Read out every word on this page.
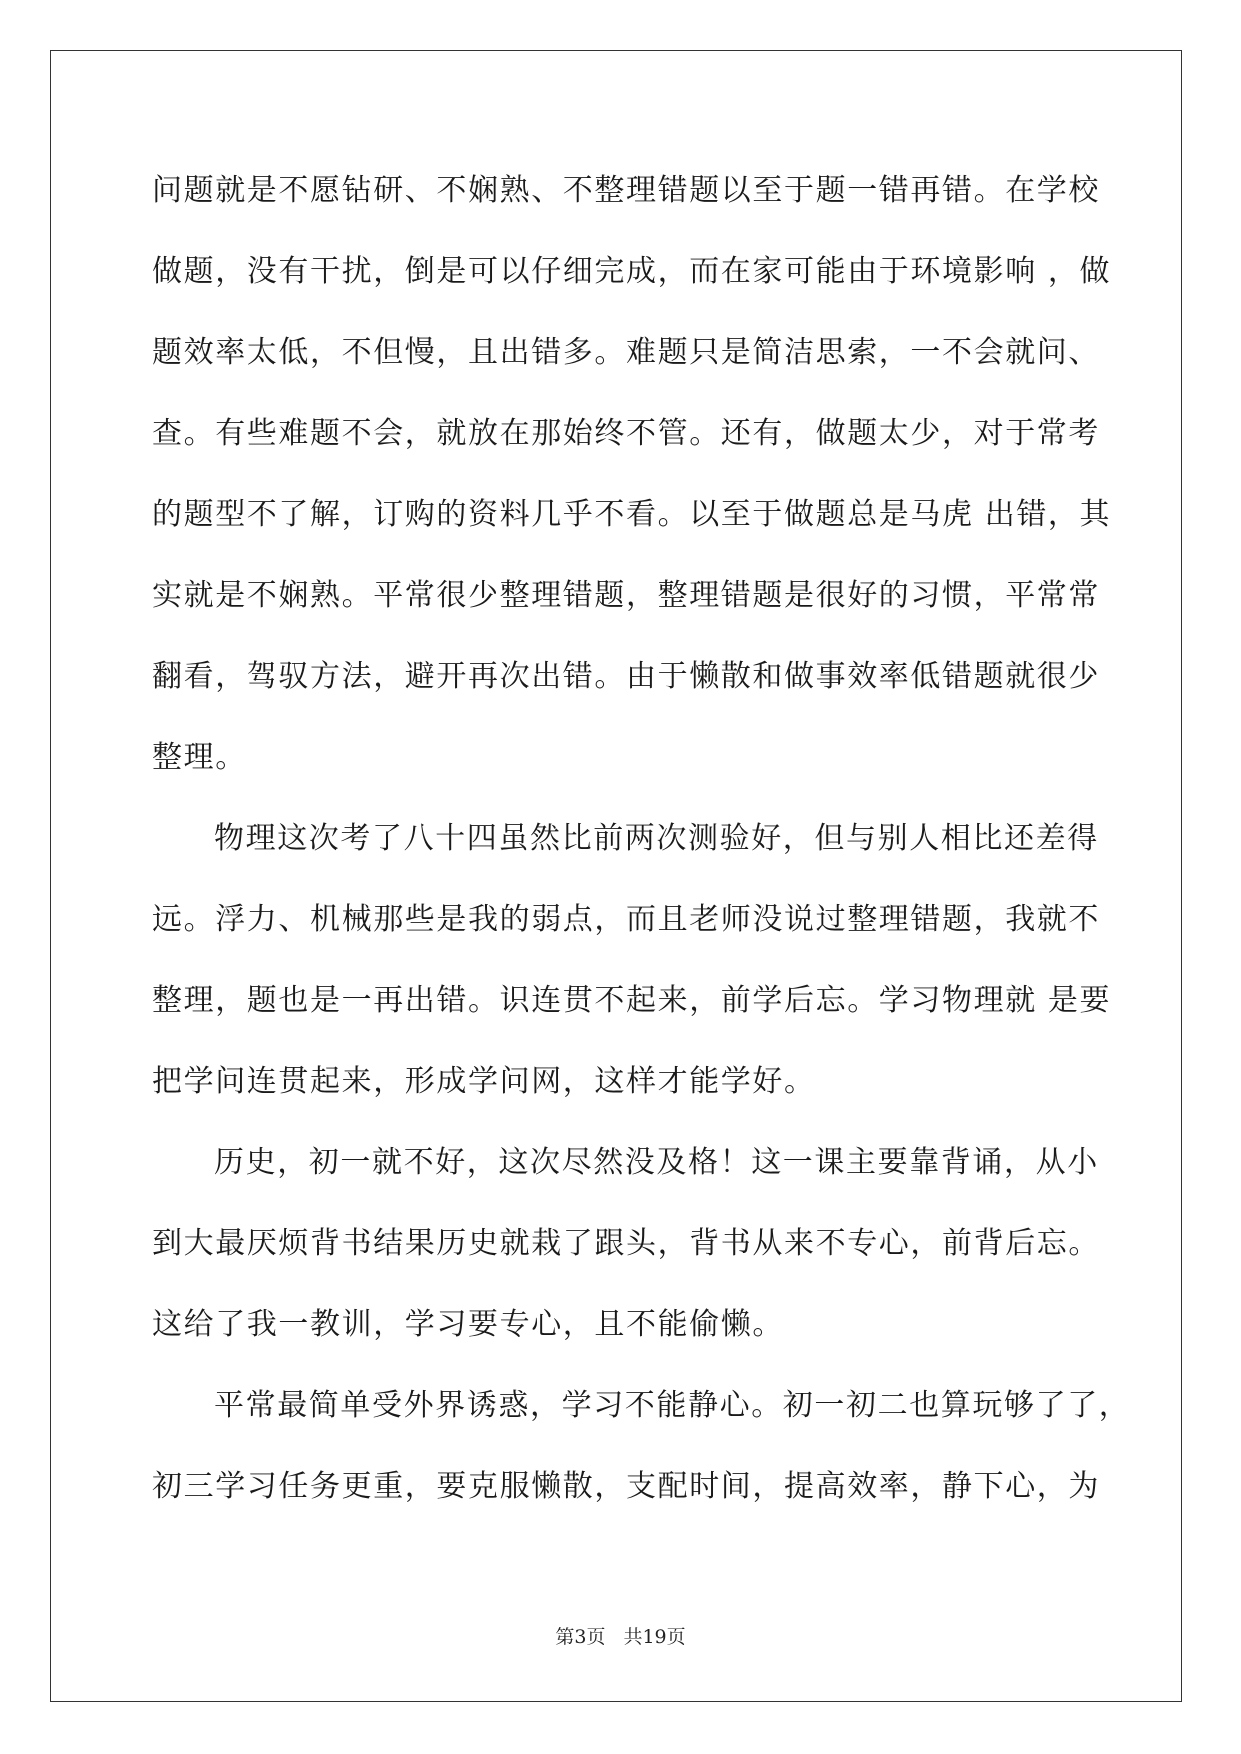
问题就是不愿钻研、不娴熟、不整理错题以至于题一错再错。在学校
做题，没有干扰，倒是可以仔细完成，而在家可能由于环境影响 ，做
题效率太低，不但慢，且出错多。难题只是简洁思索，一不会就问、
查。有些难题不会，就放在那始终不管。还有，做题太少，对于常考
的题型不了解，订购的资料几乎不看。以至于做题总是马虎 出错，其
实就是不娴熟。平常很少整理错题，整理错题是很好的习惯，平常常
翻看，驾驭方法，避开再次出错。由于懒散和做事效率低错题就很少
整理。
物理这次考了八十四虽然比前两次测验好，但与别人相比还差得
远。浮力、机械那些是我的弱点，而且老师没说过整理错题，我就不
整理，题也是一再出错。识连贯不起来，前学后忘。学习物理就 是要
把学问连贯起来，形成学问网，这样才能学好。
历史，初一就不好，这次尽然没及格！这一课主要靠背诵，从小
到大最厌烦背书结果历史就栽了跟头，背书从来不专心，前背后忘。
这给了我一教训，学习要专心，且不能偷懒。
平常最简单受外界诱惑，学习不能静心。初一初二也算玩够了了，
初三学习任务更重，要克服懒散，支配时间，提高效率，静下心，为
第3页 共19页
